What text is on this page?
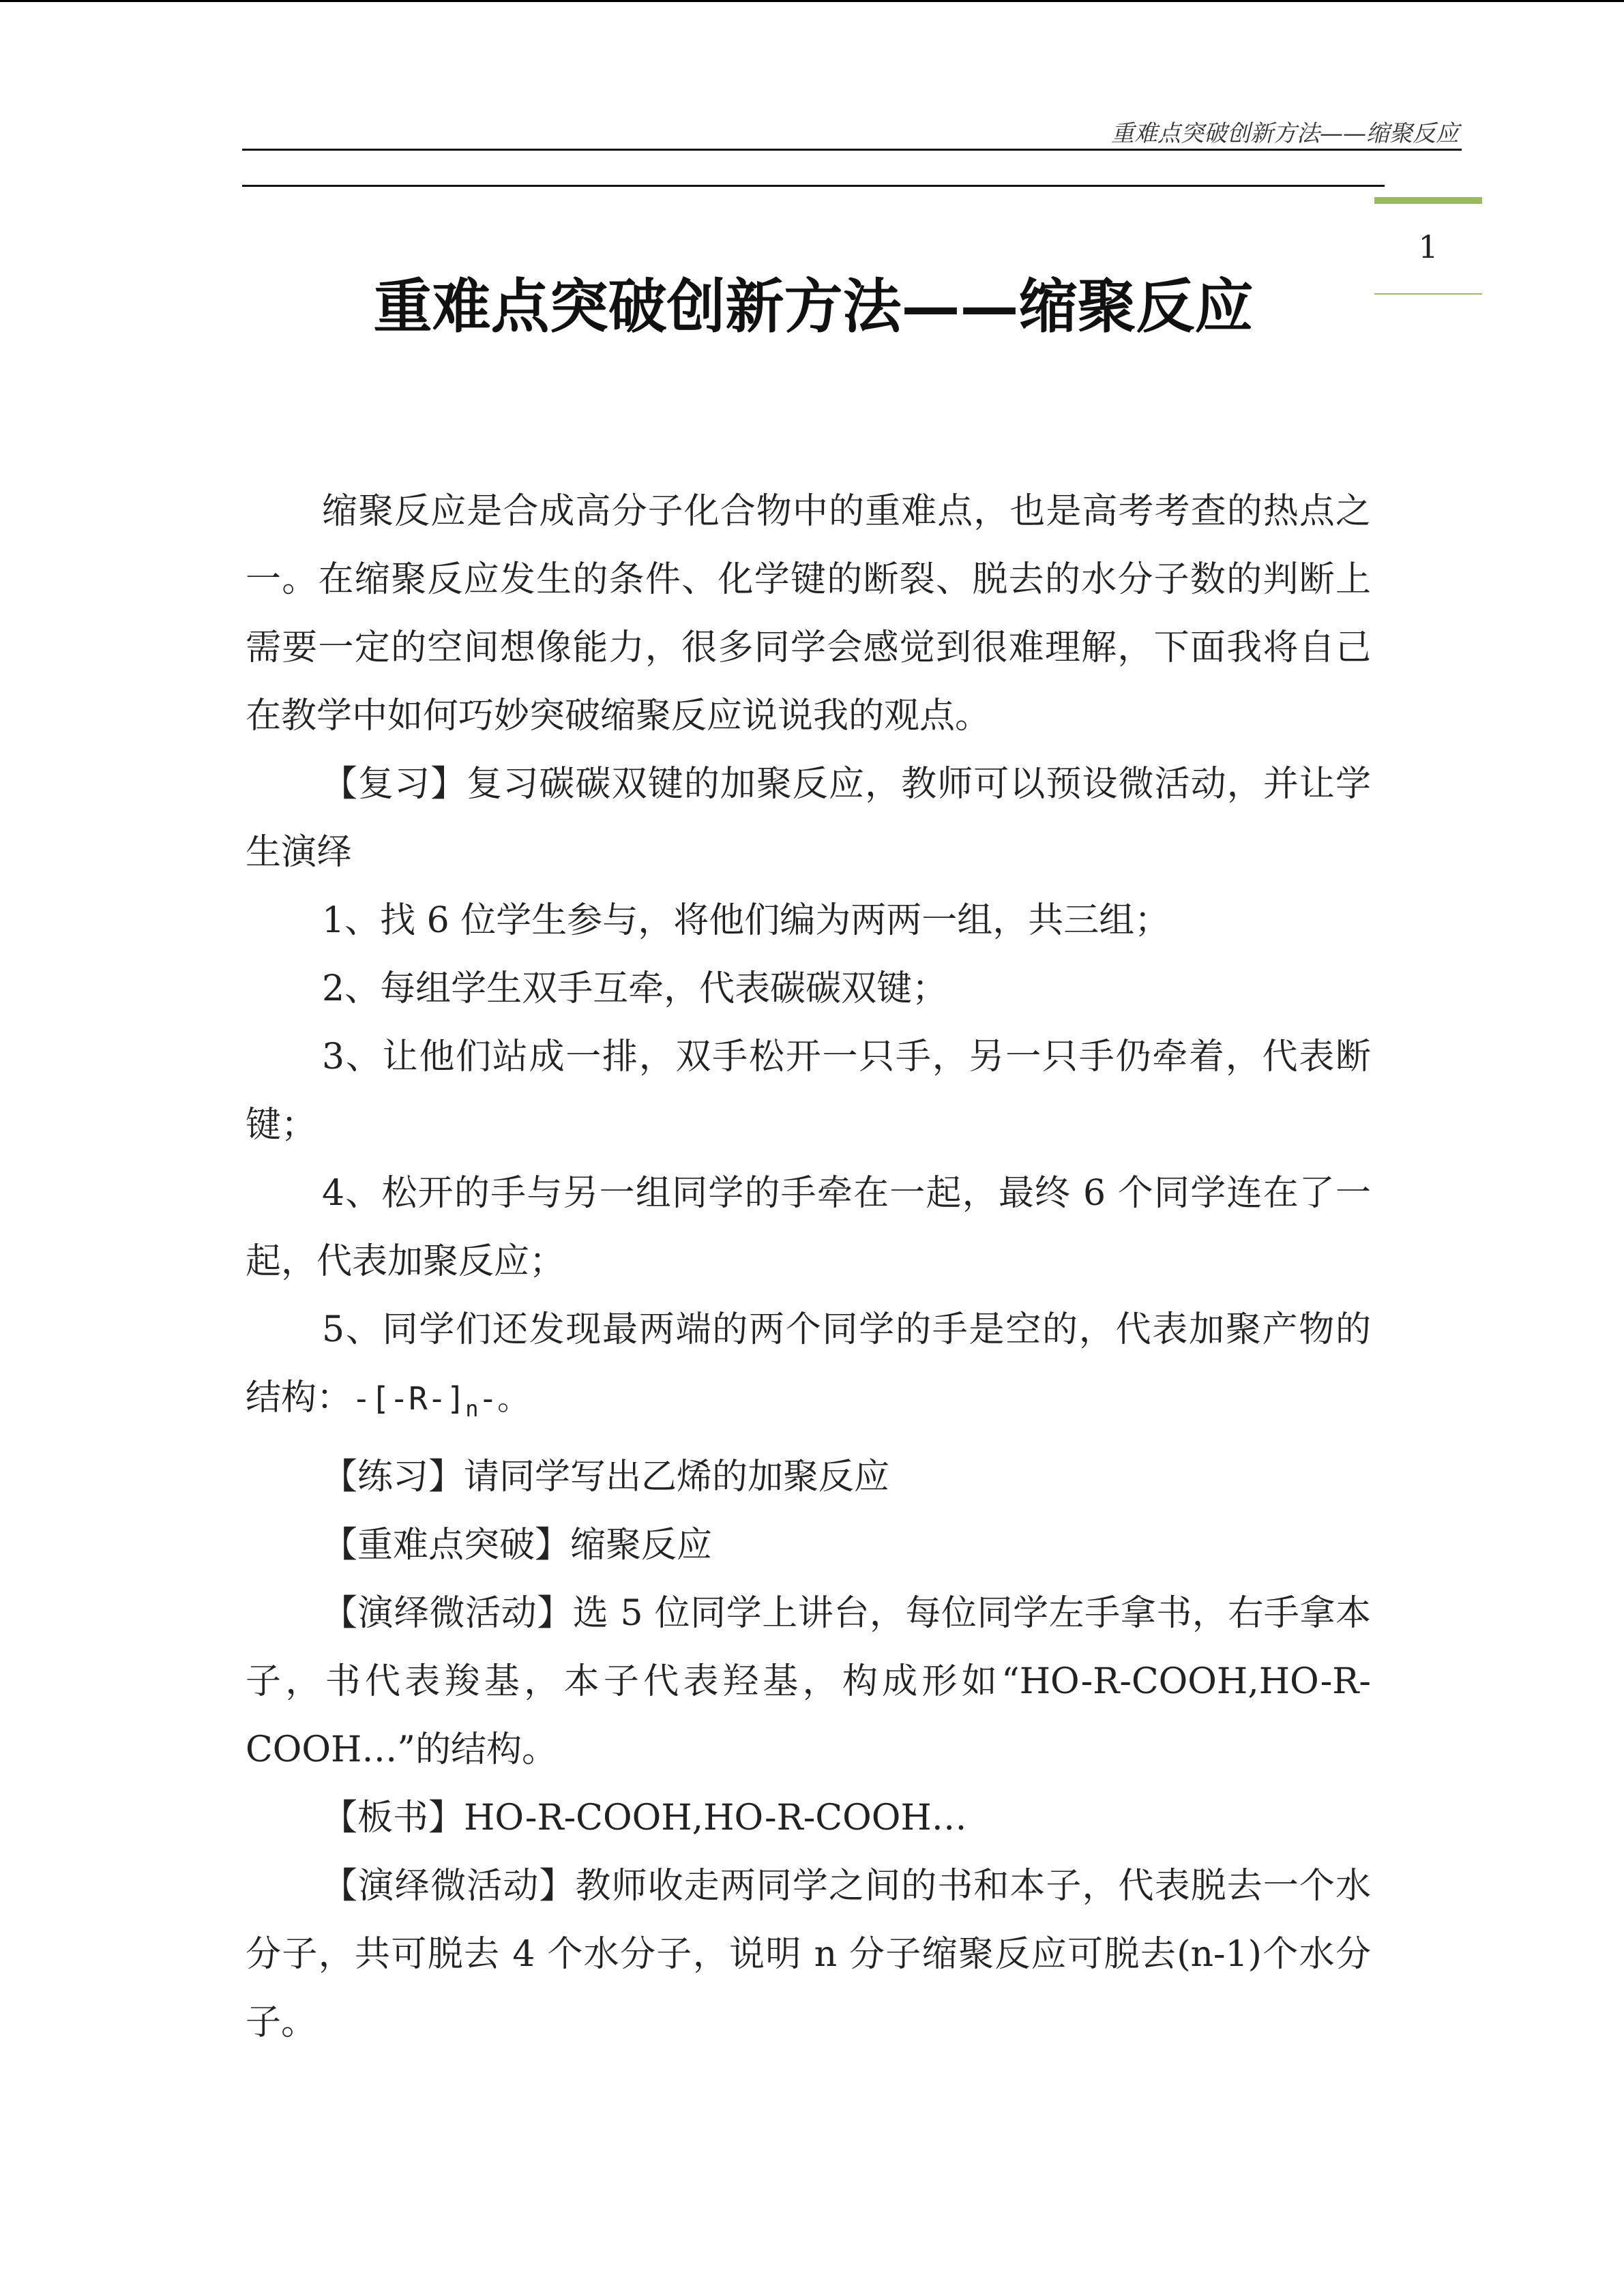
重难点突破创新方法——缩聚反应
1
重难点突破创新方法——缩聚反应

缩聚反应是合成高分子化合物中的重难点，也是高考考查的热点之一。在缩聚反应发生的条件、化学键的断裂、脱去的水分子数的判断上需要一定的空间想像能力，很多同学会感觉到很难理解，下面我将自己在教学中如何巧妙突破缩聚反应说说我的观点。

【复习】复习碳碳双键的加聚反应，教师可以预设微活动，并让学生演绎

1、找 6 位学生参与，将他们编为两两一组，共三组；

2、每组学生双手互牵，代表碳碳双键；

3、让他们站成一排，双手松开一只手，另一只手仍牵着，代表断键；

4、松开的手与另一组同学的手牵在一起，最终 6 个同学连在了一起，代表加聚反应；

5、同学们还发现最两端的两个同学的手是空的，代表加聚产物的结构：$-[-R-]_n-$。

【练习】请同学写出乙烯的加聚反应

【重难点突破】缩聚反应

【演绎微活动】选 5 位同学上讲台，每位同学左手拿书，右手拿本子，书代表羧基，本子代表羟基，构成形如“HO-R-COOH,HO-R-COOH…”的结构。

【板书】HO-R-COOH,HO-R-COOH…

【演绎微活动】教师收走两同学之间的书和本子，代表脱去一个水分子，共可脱去 4 个水分子，说明 n 分子缩聚反应可脱去(n-1)个水分子。
